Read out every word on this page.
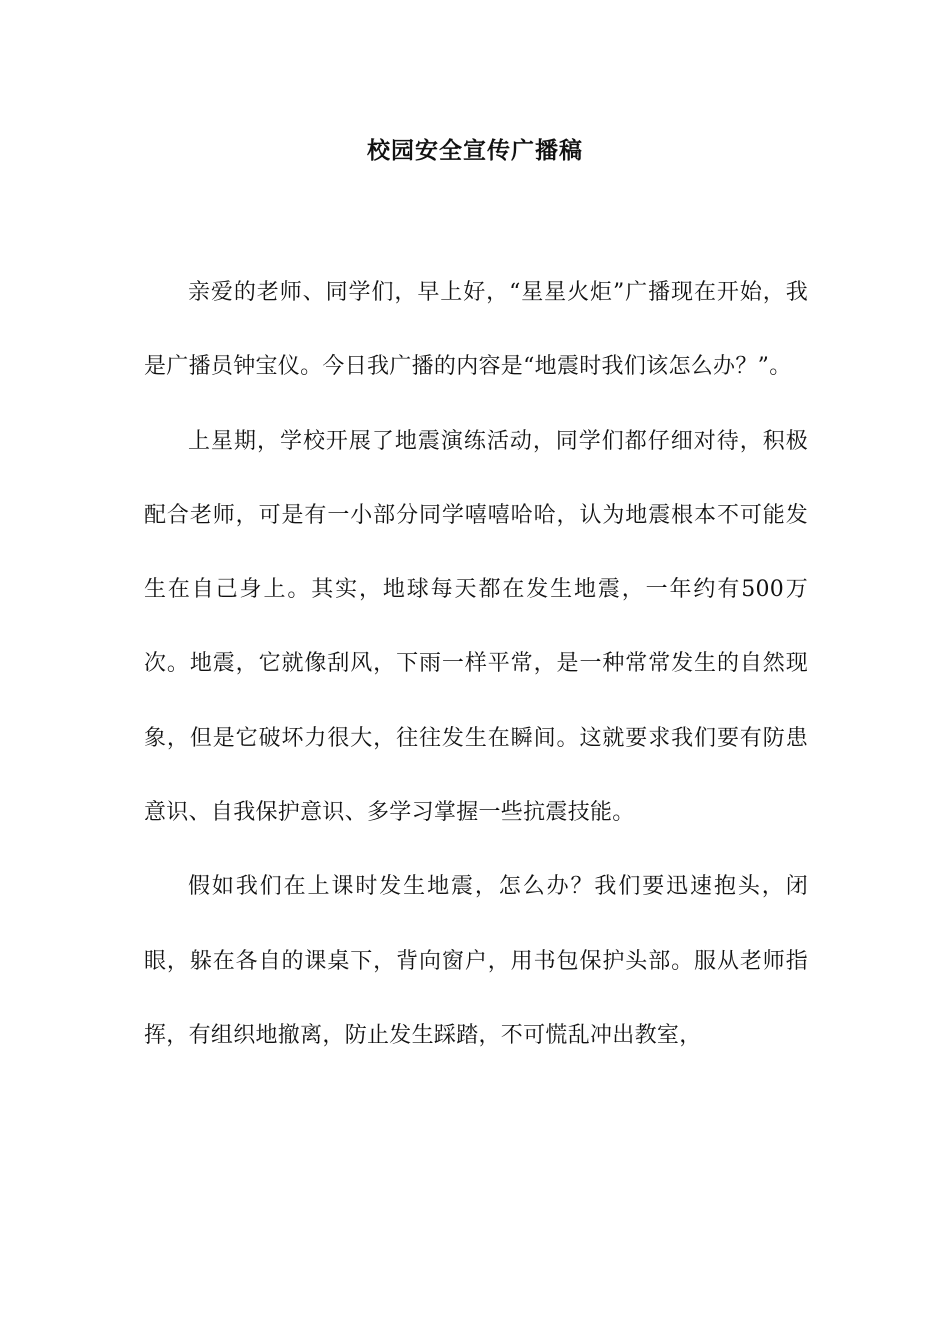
校园安全宣传广播稿

亲爱的老师、同学们，早上好，“星星火炬”广播现在开始，我是广播员钟宝仪。今日我广播的内容是“地震时我们该怎么办？”。

上星期，学校开展了地震演练活动，同学们都仔细对待，积极配合老师，可是有一小部分同学嘻嘻哈哈，认为地震根本不可能发生在自己身上。其实，地球每天都在发生地震，一年约有500万次。地震，它就像刮风，下雨一样平常，是一种常常发生的自然现象，但是它破坏力很大，往往发生在瞬间。这就要求我们要有防患意识、自我保护意识、多学习掌握一些抗震技能。

假如我们在上课时发生地震，怎么办？我们要迅速抱头，闭眼，躲在各自的课桌下，背向窗户，用书包保护头部。服从老师指挥，有组织地撤离，防止发生踩踏，不可慌乱冲出教室，
